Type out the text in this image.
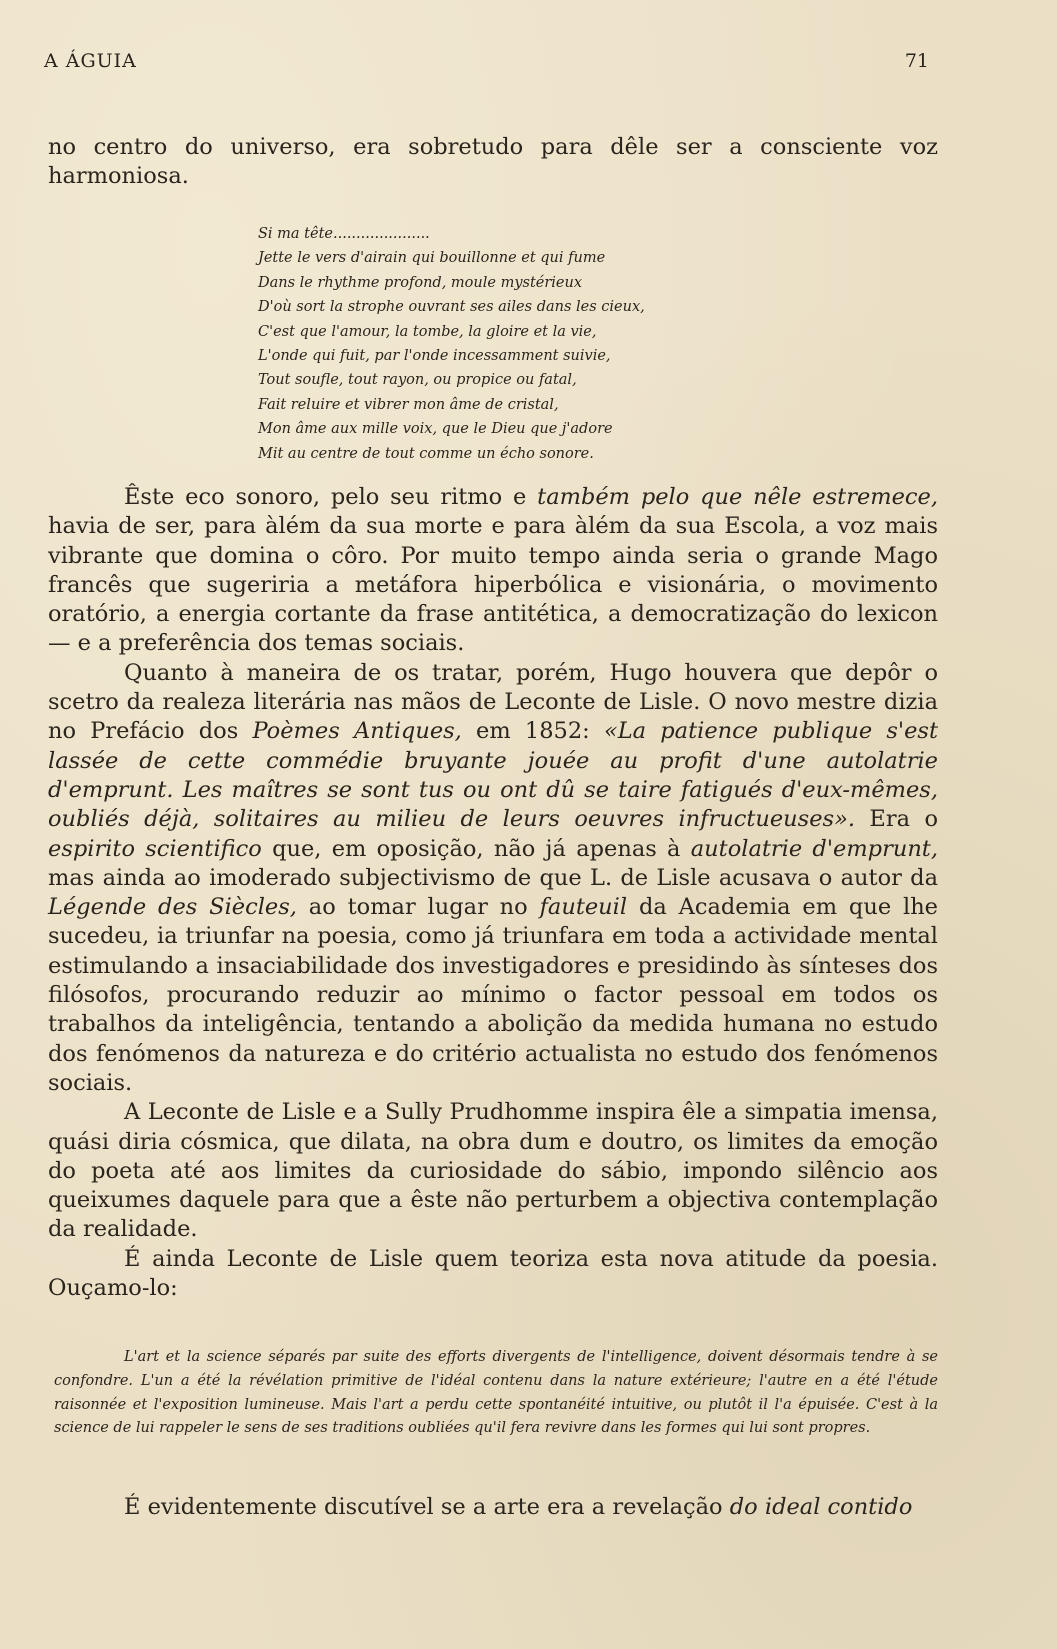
A ÁGUIA	71

no centro do universo, era sobretudo para dêle ser a consciente voz harmoniosa.

Si ma tête.....................
Jette le vers d'airain qui bouillonne et qui fume
Dans le rhythme profond, moule mystérieux
D'où sort la strophe ouvrant ses ailes dans les cieux,
C'est que l'amour, la tombe, la gloire et la vie,
L'onde qui fuit, par l'onde incessamment suivie,
Tout soufle, tout rayon, ou propice ou fatal,
Fait reluire et vibrer mon âme de cristal,
Mon âme aux mille voix, que le Dieu que j'adore
Mit au centre de tout comme un écho sonore.

Êste eco sonoro, pelo seu ritmo e também pelo que nêle estremece, havia de ser, para àlém da sua morte e para àlém da sua Escola, a voz mais vibrante que domina o côro. Por muito tempo ainda seria o grande Mago francês que sugeriria a metáfora hiperbólica e visionária, o movimento oratório, a energia cortante da frase antitética, a democratização do lexicon — e a preferência dos temas sociais.

Quanto à maneira de os tratar, porém, Hugo houvera que depôr o scetro da realeza literária nas mãos de Leconte de Lisle. O novo mestre dizia no Prefácio dos Poèmes Antiques, em 1852: «La patience publique s'est lassée de cette commédie bruyante jouée au profit d'une autolatrie d'emprunt. Les maîtres se sont tus ou ont dû se taire fatigués d'eux-mêmes, oubliés déjà, solitaires au milieu de leurs oeuvres infructueuses». Era o espirito scientifico que, em oposição, não já apenas à autolatrie d'emprunt, mas ainda ao imoderado subjectivismo de que L. de Lisle acusava o autor da Légende des Siècles, ao tomar lugar no fauteuil da Academia em que lhe sucedeu, ia triunfar na poesia, como já triunfara em toda a actividade mental estimulando a insaciabilidade dos investigadores e presidindo às sínteses dos filósofos, procurando reduzir ao mínimo o factor pessoal em todos os trabalhos da inteligência, tentando a abolição da medida humana no estudo dos fenómenos da natureza e do critério actualista no estudo dos fenómenos sociais.

A Leconte de Lisle e a Sully Prudhomme inspira êle a simpatia imensa, quási diria cósmica, que dilata, na obra dum e doutro, os limites da emoção do poeta até aos limites da curiosidade do sábio, impondo silêncio aos queixumes daquele para que a êste não perturbem a objectiva contemplação da realidade.

É ainda Leconte de Lisle quem teoriza esta nova atitude da poesia. Ouçamo-lo:

L'art et la science séparés par suite des efforts divergents de l'intelligence, doivent désormais tendre à se confondre. L'un a été la révélation primitive de l'idéal contenu dans la nature extérieure; l'autre en a été l'étude raisonnée et l'exposition lumineuse. Mais l'art a perdu cette spontanéité intuitive, ou plutôt il l'a épuisée. C'est à la science de lui rappeler le sens de ses traditions oubliées qu'il fera revivre dans les formes qui lui sont propres.

É evidentemente discutível se a arte era a revelação do ideal contido
